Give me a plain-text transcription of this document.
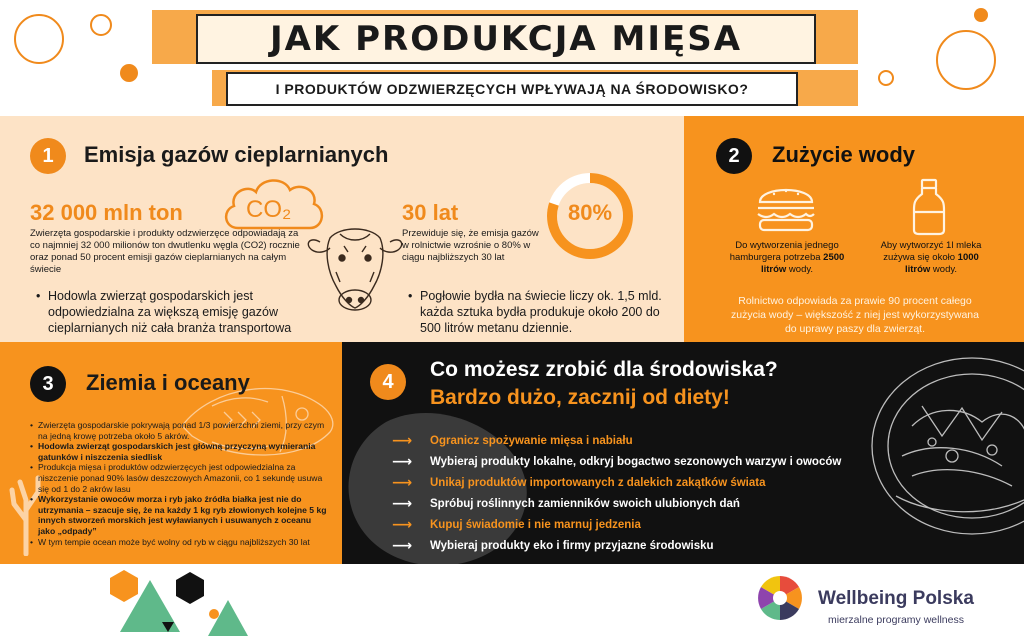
JAK PRODUKCJA MIĘSA
I PRODUKTÓW ODZWIERZĘCYCH WPŁYWAJĄ NA ŚRODOWISKO?
1	Emisja gazów cieplarnianych
32 000 mln ton
Zwierzęta gospodarskie i produkty odzwierzęce odpowiadają za co najmniej 32 000 milionów ton dwutlenku węgla (CO2) rocznie oraz ponad 50 procent emisji gazów cieplarnianych na całym świecie
• Hodowla zwierząt gospodarskich jest odpowiedzialna za większą emisję gazów cieplarnianych niż cała branża transportowa
CO₂	30 lat
Przewiduje się, że emisja gazów w rolnictwie wzrośnie o 80% w ciągu najbliższych 30 lat
80%
• Pogłowie bydła na świecie liczy ok. 1,5 mld. każda sztuka bydła produkuje około 200 do 500 litrów metanu dziennie.
2	Zużycie wody
Do wytworzenia jednego hamburgera potrzeba 2500 litrów wody.
Aby wytworzyć 1l mleka zużywa się około 1000 litrów wody.
Rolnictwo odpowiada za prawie 90 procent całego zużycia wody – większość z niej jest wykorzystywana do uprawy paszy dla zwierząt.
3	Ziemia i oceany
• Zwierzęta gospodarskie pokrywają ponad 1/3 powierzchni ziemi, przy czym na jedną krowę potrzeba około 5 akrów.
• Hodowla zwierząt gospodarskich jest główną przyczyną wymierania gatunków i niszczenia siedlisk
• Produkcja mięsa i produktów odzwierzęcych jest odpowiedzialna za niszczenie ponad 90% lasów deszczowych Amazonii, co 1 sekundę usuwa się od 1 do 2 akrów lasu
• Wykorzystanie owoców morza i ryb jako źródła białka jest nie do utrzymania – szacuje się, że na każdy 1 kg ryb złowionych kolejne 5 kg innych stworzeń morskich jest wyławianych i usuwanych z oceanu jako „odpady”
• W tym tempie ocean może być wolny od ryb w ciągu najbliższych 30 lat
4
Co możesz zrobić dla środowiska?
Bardzo dużo, zacznij od diety!
⟶	Ogranicz spożywanie mięsa i nabiału
⟶	Wybieraj produkty lokalne, odkryj bogactwo sezonowych warzyw i owoców
⟶	Unikaj produktów importowanych z dalekich zakątków świata
⟶	Spróbuj roślinnych zamienników swoich ulubionych dań
⟶	Kupuj świadomie i nie marnuj jedzenia
⟶	Wybieraj produkty eko i firmy przyjazne środowisku
Wellbeing Polska
mierzalne programy wellness
